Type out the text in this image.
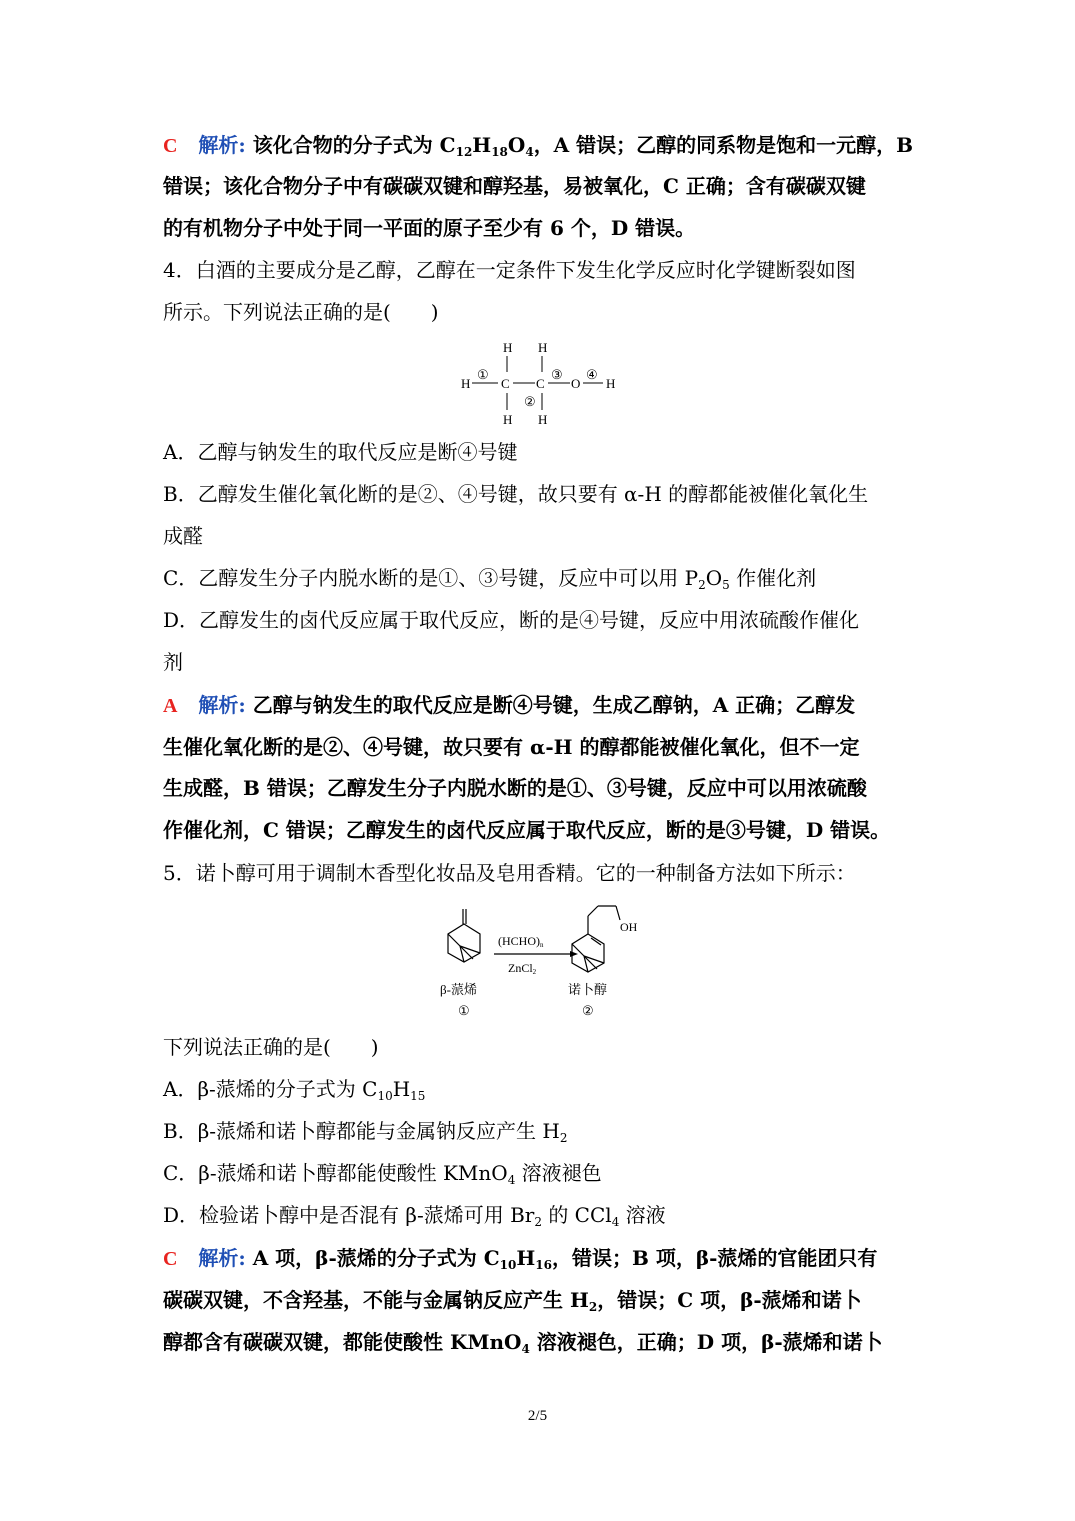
C 解析: 该化合物的分子式为 $C_{12}H_{18}O_4$，A 错误；乙醇的同系物是饱和一元醇，B
错误；该化合物分子中有碳碳双键和醇羟基，易被氧化，C 正确；含有碳碳双键
的有机物分子中处于同一平面的原子至少有 6 个，D 错误。
4．白酒的主要成分是乙醇，乙醇在一定条件下发生化学反应时化学键断裂如图
所示。下列说法正确的是(　　)
H H
H
①
C C
③
O
④
H
②
H H
A．乙醇与钠发生的取代反应是断④号键
B．乙醇发生催化氧化断的是②、④号键，故只要有 α-H 的醇都能被催化氧化生
成醛
C．乙醇发生分子内脱水断的是①、③号键，反应中可以用 $P_2O_5$ 作催化剂
D．乙醇发生的卤代反应属于取代反应，断的是④号键，反应中用浓硫酸作催化
剂
A 解析: 乙醇与钠发生的取代反应是断④号键，生成乙醇钠，A 正确；乙醇发
生催化氧化断的是②、④号键，故只要有 α-H 的醇都能被催化氧化，但不一定
生成醛，B 错误；乙醇发生分子内脱水断的是①、③号键，反应中可以用浓硫酸
作催化剂，C 错误；乙醇发生的卤代反应属于取代反应，断的是③号键，D 错误。
5．诺卜醇可用于调制木香型化妆品及皂用香精。它的一种制备方法如下所示：
(HCHO)n
ZnCl2
OH
β-蒎烯
①
诺卜醇
②
下列说法正确的是(　　)
A．β-蒎烯的分子式为 $C_{10}H_{15}$
B．β-蒎烯和诺卜醇都能与金属钠反应产生 $H_2$
C．β-蒎烯和诺卜醇都能使酸性 KMnO$_4$ 溶液褪色
D．检验诺卜醇中是否混有 β-蒎烯可用 $Br_2$ 的 CCl$_4$ 溶液
C 解析: A 项，β-蒎烯的分子式为 $C_{10}H_{16}$，错误；B 项，β-蒎烯的官能团只有
碳碳双键，不含羟基，不能与金属钠反应产生 $H_2$，错误；C 项，β-蒎烯和诺卜
醇都含有碳碳双键，都能使酸性 KMnO$_4$ 溶液褪色，正确；D 项，β-蒎烯和诺卜
2/5
